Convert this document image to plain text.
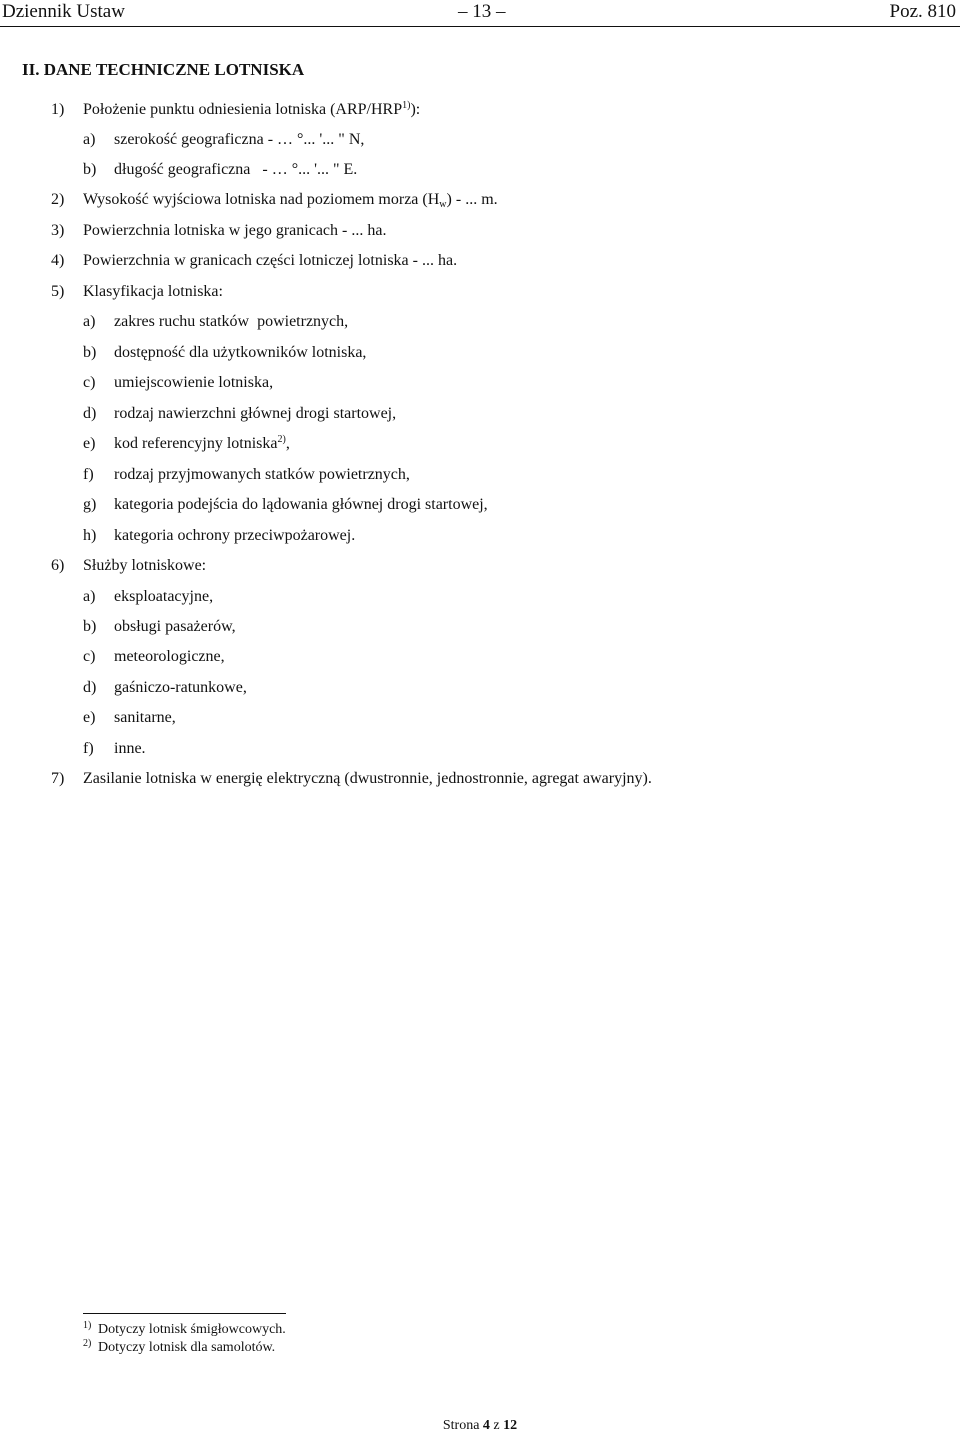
Dziennik Ustaw	– 13 –	Poz. 810
II. DANE TECHNICZNE LOTNISKA
1) Położenie punktu odniesienia lotniska (ARP/HRP$^{1)}$):
a) szerokość geograficzna - … °... '... " N,
b) długość geograficzna   - … °... '... " E.
2) Wysokość wyjściowa lotniska nad poziomem morza $(H_w)$ - ... m.
3) Powierzchnia lotniska w jego granicach - ... ha.
4) Powierzchnia w granicach części lotniczej lotniska - ... ha.
5) Klasyfikacja lotniska:
a) zakres ruchu statków  powietrznych,
b) dostępność dla użytkowników lotniska,
c) umiejscowienie lotniska,
d) rodzaj nawierzchni głównej drogi startowej,
e) kod referencyjny lotniska$^{2)}$,
f) rodzaj przyjmowanych statków powietrznych,
g) kategoria podejścia do lądowania głównej drogi startowej,
h) kategoria ochrony przeciwpożarowej.
6) Służby lotniskowe:
a) eksploatacyjne,
b) obsługi pasażerów,
c) meteorologiczne,
d) gaśniczo-ratunkowe,
e) sanitarne,
f) inne.
7) Zasilanie lotniska w energię elektryczną (dwustronnie, jednostronnie, agregat awaryjny).
1) Dotyczy lotnisk śmigłowcowych.
2) Dotyczy lotnisk dla samolotów.
Strona 4 z 12
